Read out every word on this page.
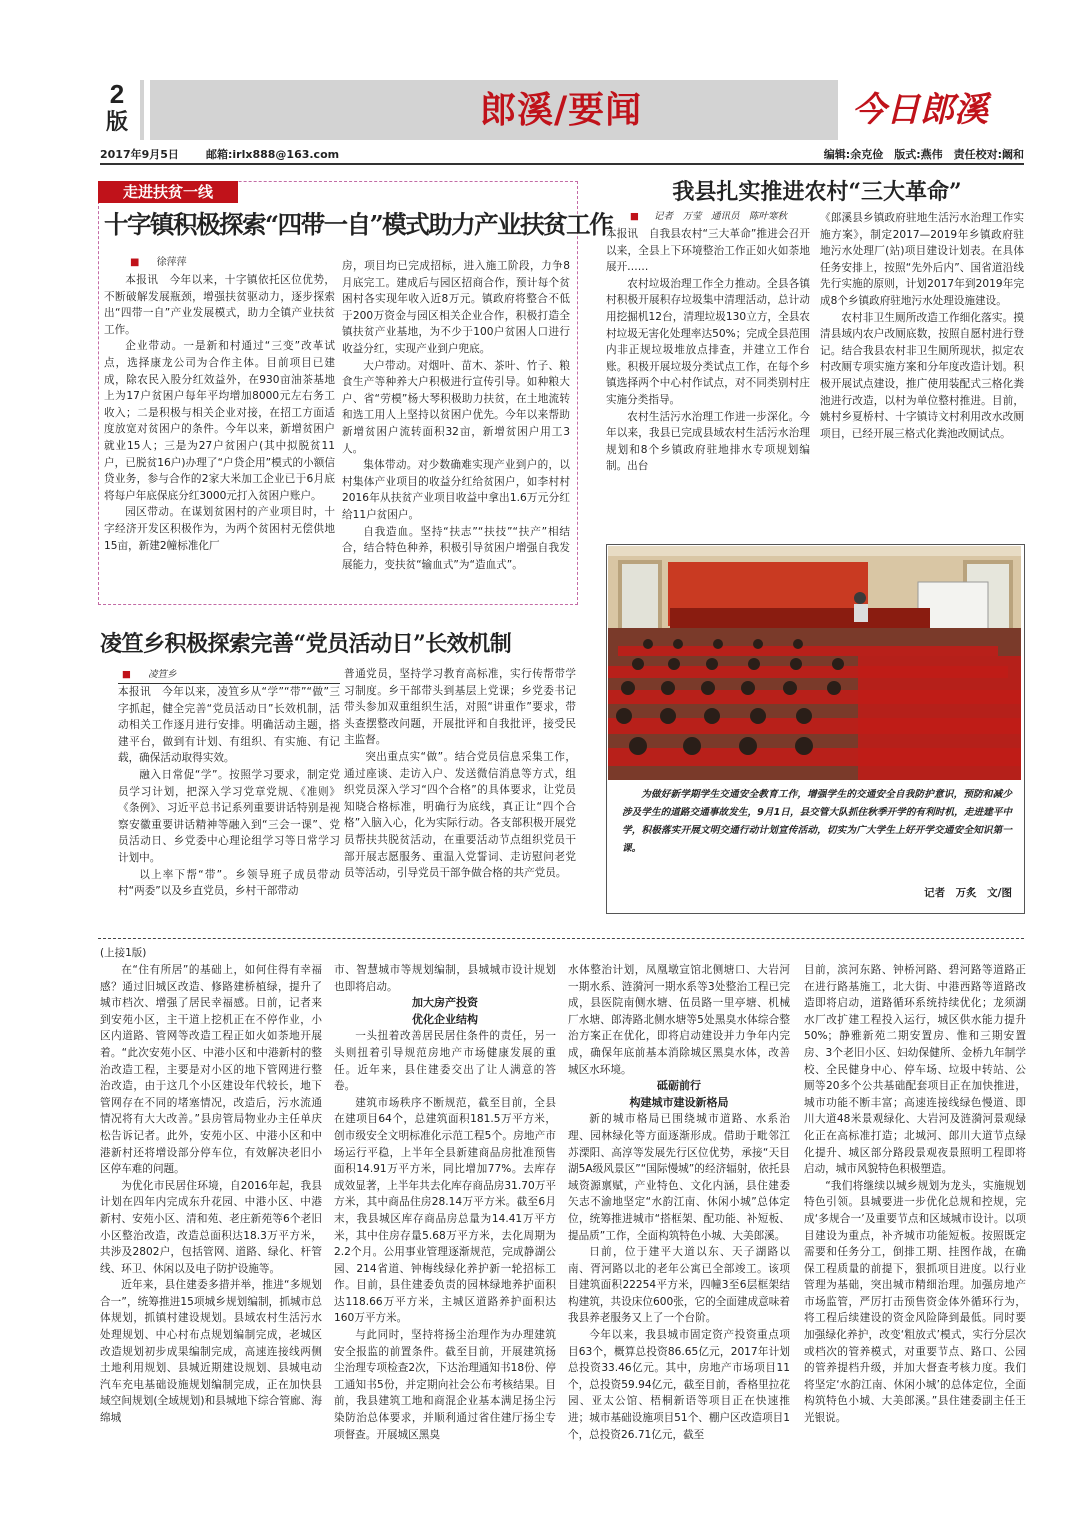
2
版	郎溪/要闻	今日郎溪
2017年9月5日 邮箱:irlx888@163.com	编辑:余克俭　版式:燕伟　责任校对:阚和
走进扶贫一线
十字镇积极探索“四带一自”模式助力产业扶贫工作
■ 徐萍萍

本报讯　今年以来，十字镇依托区位优势，不断破解发展瓶颈，增强扶贫驱动力，逐步探索出“四带一自”产业发展模式，助力全镇产业扶贫工作。

企业带动。一是新和村通过“三变”改革试点，选择康龙公司为合作主体。目前项目已建成，除农民入股分红效益外，在930亩油茶基地上为17户贫困户每年平均增加8000元左右务工收入；二是积极与相关企业对接，在招工方面适度放宽对贫困户的条件。今年以来，新增贫困户就业15人；三是为27户贫困户(其中拟脱贫11户，已脱贫16户)办理了“户贷企用”模式的小额信贷业务，参与合作的2家大米加工企业已于6月底将每户年底保底分红3000元打入贫困户账户。

园区带动。在谋划贫困村的产业项目时，十字经济开发区积极作为，为两个贫困村无偿供地15亩，新建2幢标准化厂

房，项目均已完成招标，进入施工阶段，力争8月底完工。建成后与园区招商合作，预计每个贫困村各实现年收入近8万元。镇政府将整合不低于200万资金与园区相关企业合作，积极打造全镇扶贫产业基地，为不少于100户贫困人口进行收益分红，实现产业到户兜底。

大户带动。对烟叶、苗木、茶叶、竹子、粮食生产等种养大户积极进行宣传引导。如种粮大户、省“劳模”杨大琴积极助力扶贫，在土地流转和选工用人上坚持以贫困户优先。今年以来帮助新增贫困户流转面积32亩，新增贫困户用工3人。

集体带动。对少数确难实现产业到户的，以村集体产业项目的收益分红给贫困户，如李村村2016年从扶贫产业项目收益中拿出1.6万元分红给11户贫困户。

自我造血。坚持“扶志”“扶技”“扶产”相结合，结合特色种养，积极引导贫困户增强自我发展能力，变扶贫“输血式”为“造血式”。

我县扎实推进农村“三大革命”
■ 记者　万莹　通讯员　陈叶寒秋

本报讯　自我县农村“三大革命”推进会召开以来，全县上下环境整治工作正如火如荼地展开……

农村垃圾治理工作全力推动。全县各镇村积极开展积存垃圾集中清理活动，总计动用挖掘机12台，清理垃圾130立方，全县农村垃圾无害化处理率达50%；完成全县范围内非正规垃圾堆放点排查，并建立工作台账。积极开展垃圾分类试点工作，在每个乡镇选择两个中心村作试点，对不同类别村庄实施分类指导。

农村生活污水治理工作进一步深化。今年以来，我县已完成县域农村生活污水治理规划和8个乡镇政府驻地排水专项规划编制。出台

《郎溪县乡镇政府驻地生活污水治理工作实施方案》，制定2017—2019年乡镇政府驻地污水处理厂(站)项目建设计划表。在具体任务安排上，按照“先外后内”、国省道沿线先行实施的原则，计划2017年到2019年完成8个乡镇政府驻地污水处理设施建设。

农村非卫生厕所改造工作细化落实。摸清县域内农户改厕底数，按照自愿村进行登记。结合我县农村非卫生厕所现状，拟定农村改厕专项实施方案和分年度改造计划。积极开展试点建设，推广使用装配式三格化粪池进行改造，以村为单位整村推进。目前，姚村乡夏桥村、十字镇诗文村利用改水改厕项目，已经开展三格式化粪池改厕试点。

为做好新学期学生交通安全教育工作，增强学生的交通安全自我防护意识，预防和减少涉及学生的道路交通事故发生，9月1日，县交管大队抓住秋季开学的有利时机，走进建平中学，积极落实开展文明交通行动计划宣传活动，切实为广大学生上好开学交通安全知识第一课。
记者　万炙　文/图
凌笪乡积极探索完善“党员活动日”长效机制
■ 凌笪乡

本报讯　今年以来，凌笪乡从“学”“带”“做”三字抓起，健全完善“党员活动日”长效机制，活动相关工作逐月进行安排。明确活动主题，搭建平台，做到有计划、有组织、有实施、有记载，确保活动取得实效。

融入日常促“学”。按照学习要求，制定党员学习计划，把深入学习党章党规、《准则》《条例》、习近平总书记系列重要讲话特别是视察安徽重要讲话精神等融入到“三会一课”、党员活动日、乡党委中心理论组学习等日常学习计划中。

以上率下帮“带”。乡领导班子成员带动村“两委”以及乡直党员，乡村干部带动

普通党员，坚持学习教育高标准，实行传帮带学习制度。乡干部带头到基层上党课；乡党委书记带头参加双重组织生活，对照“讲重作”要求，带头查摆整改问题，开展批评和自我批评，接受民主监督。

突出重点实“做”。结合党员信息采集工作，通过座谈、走访入户、发送微信消息等方式，组织党员深入学习“四个合格”的具体要求，让党员知晓合格标准，明确行为底线，真正让“四个合格”入脑入心，化为实际行动。各支部积极开展党员帮扶共脱贫活动，在重要活动节点组织党员干部开展志愿服务、重温入党誓词、走访慰问老党员等活动，引导党员干部争做合格的共产党员。

(上接1版)

在“住有所居”的基础上，如何住得有幸福感？通过旧城区改造、修路建桥植绿，提升了城市档次、增强了居民幸福感。日前，记者来到安苑小区，主干道上挖机正在不停作业，小区内道路、管网等改造工程正如火如荼地开展着。“此次安苑小区、中港小区和中港新村的整治改造工程，主要是对小区的地下管网进行整治改造，由于这几个小区建设年代较长，地下管网存在不同的堵塞情况，改造后，污水流通情况将有大大改善。”县房管局物业办主任单庆松告诉记者。此外，安苑小区、中港小区和中港新村还将增设部分停车位，有效解决老旧小区停车难的问题。

为优化市民居住环境，自2016年起，我县计划在四年内完成东升花园、中港小区、中港新村、安苑小区、清和苑、老庄新苑等6个老旧小区整治改造，改造总面积达18.3万平方米，共涉及2802户，包括管网、道路、绿化、杆管线、环卫、休闲以及电子防护设施等。

近年来，县住建委多措并举，推进“多规划合一”，统筹推进15项城乡规划编制，抓城市总体规划，抓镇村建设规划。县域农村生活污水处理规划、中心村布点规划编制完成，老城区改造规划初步成果编制完成，高速连接线两侧土地利用规划、县城近期建设规划、县城电动汽车充电基础设施规划编制完成，正在加快县域空间规划(全域规划)和县城地下综合管廊、海绵城

市、智慧城市等规划编制，县城城市设计规划也即将启动。

加大房产投资

优化企业结构

一头扭着改善居民居住条件的责任，另一头则扭着引导规范房地产市场健康发展的重任。近年来，县住建委交出了让人满意的答卷。

建筑市场秩序不断规范，截至目前，全县在建项目64个，总建筑面积181.5万平方米，创市级安全文明标准化示范工程5个。房地产市场运行平稳，上半年全县新建商品房批准预售面积14.91万平方米，同比增加77%。去库存成效显著，上半年共去化库存商品房31.70万平方米，其中商品住房28.14万平方米。截至6月末，我县城区库存商品房总量为14.41万平方米，其中住房存量5.68万平方米，去化周期为2.2个月。公用事业管理逐渐规范，完成静湖公园、214省道、钟梅线绿化养护新一轮招标工作。目前，县住建委负责的园林绿地养护面积达118.66万平方米，主城区道路养护面积达160万平方米。

与此同时，坚持将扬尘治理作为办理建筑安全报监的前置条件。截至目前，开展建筑扬尘治理专项检查2次，下达治理通知书18份、停工通知书5份，并定期向社会公布考核结果。目前，我县建筑工地和商混企业基本满足扬尘污染防治总体要求，并顺利通过省住建厅扬尘专项督查。开展城区黑臭

水体整治计划，凤凰墩宣馆北侧塘口、大岩河一期水系、涟漪河一期水系等3处整治工程已完成，县医院南侧水塘、伍员路一里亭塘、机械厂水塘、郎涛路北侧水塘等5处黑臭水体综合整治方案正在优化，即将启动建设并力争年内完成，确保年底前基本消除城区黑臭水体，改善城区水环境。

砥砺前行

构建城市建设新格局

新的城市格局已围绕城市道路、水系治理、园林绿化等方面逐渐形成。借助于毗邻江苏溧阳、高淳等发展先行区位优势，承接“天目湖5A级风景区”“国际慢城”的经济辐射，依托县域资源禀赋，产业特色、文化内涵，县住建委矢志不渝地坚定“水韵江南、休闲小城”总体定位，统筹推进城市“搭框架、配功能、补短板、提品质”工作，全面构筑特色小城、大美郎溪。

日前，位于建平大道以东、天子湖路以南、胥河路以北的老年公寓已全部竣工。该项目建筑面积22254平方米，四幢3至6层框架结构建筑，共设床位600张，它的全面建成意味着我县养老服务又上了一个台阶。

今年以来，我县城市固定资产投资重点项目63个，概算总投资86.65亿元，2017年计划总投资33.46亿元。其中，房地产市场项目11个，总投资59.94亿元，截至目前，香格里拉花园、亚太公馆、梧桐新语等项目正在快速推进；城市基础设施项目51个、棚户区改造项目1个，总投资26.71亿元，截至

目前，滨河东路、钟桥河路、碧河路等道路正在进行路基施工，北大街、中港西路等道路改造即将启动，道路循环系统持续优化；龙须湖水厂改扩建工程投入运行，城区供水能力提升50%；静雅新苑二期安置房、惟和三期安置房、3个老旧小区、妇幼保健所、金桥九年制学校、全民健身中心、停车场、垃圾中转站、公厕等20多个公共基础配套项目正在加快推进，城市功能不断丰富；高速连接线绿色慢道、即川大道48米景观绿化、大岩河及涟漪河景观绿化正在高标准打造；北城河、郎川大道节点绿化提升、城区部分路段景观夜景照明工程即将启动，城市风貌特色积极塑造。

“我们将继续以城乡规划为龙头，实施规划特色引领。县城要进一步优化总规和控规，完成‘多规合一’及重要节点和区域城市设计。以项目建设为重点，补齐城市功能短板。按照既定需要和任务分工，倒排工期、挂图作战，在确保工程质量的前提下，狠抓项目进度。以行业管理为基础，突出城市精细治理。加强房地产市场监管，严厉打击预售资金体外循环行为，将工程后续建设的资金风险降到最低。同时要加强绿化养护，改变‘粗放式’模式，实行分层次或档次的管养模式，对重要节点、路口、公园的管养提档升级，并加大督查考核力度。我们将坚定‘水韵江南、休闲小城’的总体定位，全面构筑特色小城、大美郎溪。”县住建委副主任王光银说。
